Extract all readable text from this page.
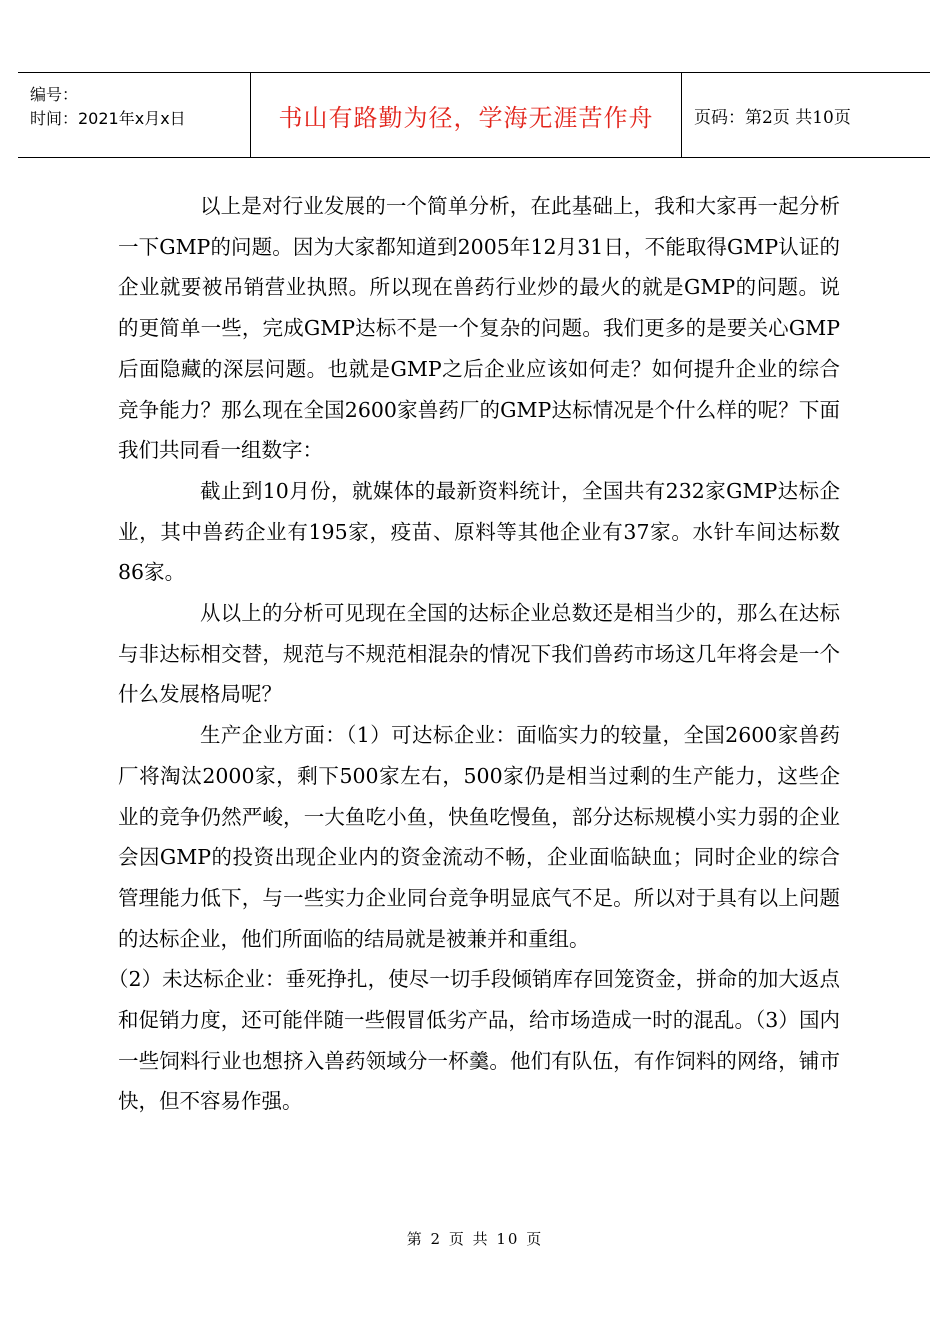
编号：
时间：2021年x月x日	书山有路勤为径，学海无涯苦作舟	页码：第2页 共10页

以上是对行业发展的一个简单分析，在此基础上，我和大家再一起分析一下GMP的问题。因为大家都知道到2005年12月31日，不能取得GMP认证的企业就要被吊销营业执照。所以现在兽药行业炒的最火的就是GMP的问题。说的更简单一些，完成GMP达标不是一个复杂的问题。我们更多的是要关心GMP后面隐藏的深层问题。也就是GMP之后企业应该如何走？如何提升企业的综合竞争能力？那么现在全国2600家兽药厂的GMP达标情况是个什么样的呢？下面我们共同看一组数字：

截止到10月份，就媒体的最新资料统计，全国共有232家GMP达标企业，其中兽药企业有195家，疫苗、原料等其他企业有37家。水针车间达标数86家。

从以上的分析可见现在全国的达标企业总数还是相当少的，那么在达标与非达标相交替，规范与不规范相混杂的情况下我们兽药市场这几年将会是一个什么发展格局呢？

生产企业方面：（1）可达标企业：面临实力的较量，全国2600家兽药厂将淘汰2000家，剩下500家左右，500家仍是相当过剩的生产能力，这些企业的竞争仍然严峻，一大鱼吃小鱼，快鱼吃慢鱼，部分达标规模小实力弱的企业会因GMP的投资出现企业内的资金流动不畅，企业面临缺血；同时企业的综合管理能力低下，与一些实力企业同台竞争明显底气不足。所以对于具有以上问题的达标企业，他们所面临的结局就是被兼并和重组。

（2）未达标企业：垂死挣扎，使尽一切手段倾销库存回笼资金，拼命的加大返点和促销力度，还可能伴随一些假冒低劣产品，给市场造成一时的混乱。（3）国内一些饲料行业也想挤入兽药领域分一杯羹。他们有队伍，有作饲料的网络，铺市快，但不容易作强。

第 2 页 共 10 页
